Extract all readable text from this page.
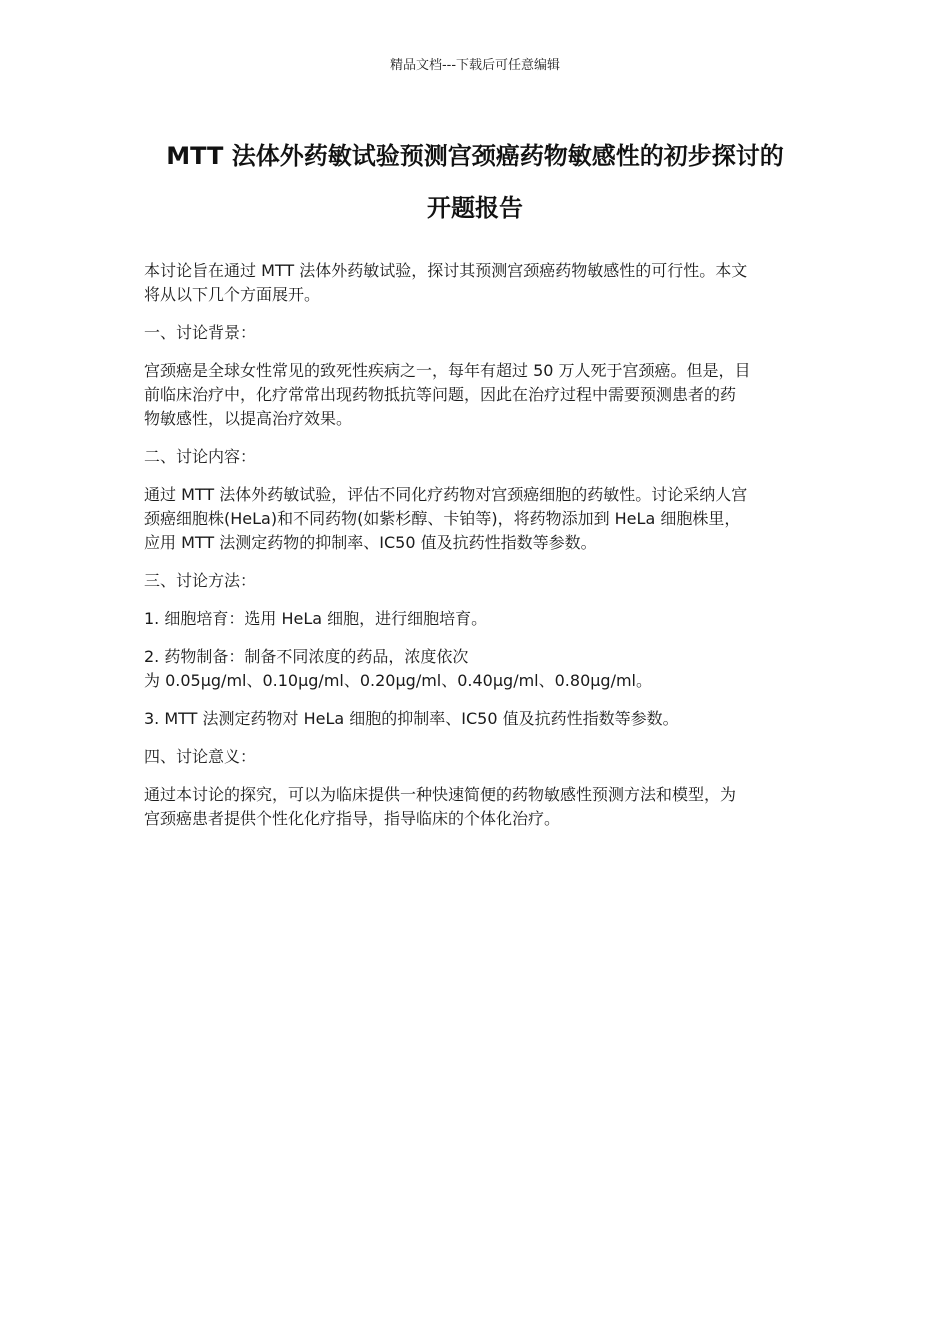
精品文档---下载后可任意编辑
MTT 法体外药敏试验预测宫颈癌药物敏感性的初步探讨的
开题报告

本讨论旨在通过 MTT 法体外药敏试验，探讨其预测宫颈癌药物敏感性的可行性。本文
将从以下几个方面展开。

一、讨论背景：

宫颈癌是全球女性常见的致死性疾病之一，每年有超过 50 万人死于宫颈癌。但是，目
前临床治疗中，化疗常常出现药物抵抗等问题，因此在治疗过程中需要预测患者的药
物敏感性，以提高治疗效果。

二、讨论内容：

通过 MTT 法体外药敏试验，评估不同化疗药物对宫颈癌细胞的药敏性。讨论采纳人宫
颈癌细胞株(HeLa)和不同药物(如紫杉醇、卡铂等)，将药物添加到 HeLa 细胞株里，
应用 MTT 法测定药物的抑制率、IC50 值及抗药性指数等参数。

三、讨论方法：

1. 细胞培育：选用 HeLa 细胞，进行细胞培育。

2. 药物制备：制备不同浓度的药品，浓度依次
为 0.05μg/ml、0.10μg/ml、0.20μg/ml、0.40μg/ml、0.80μg/ml。

3. MTT 法测定药物对 HeLa 细胞的抑制率、IC50 值及抗药性指数等参数。

四、讨论意义：

通过本讨论的探究，可以为临床提供一种快速简便的药物敏感性预测方法和模型，为
宫颈癌患者提供个性化化疗指导，指导临床的个体化治疗。
